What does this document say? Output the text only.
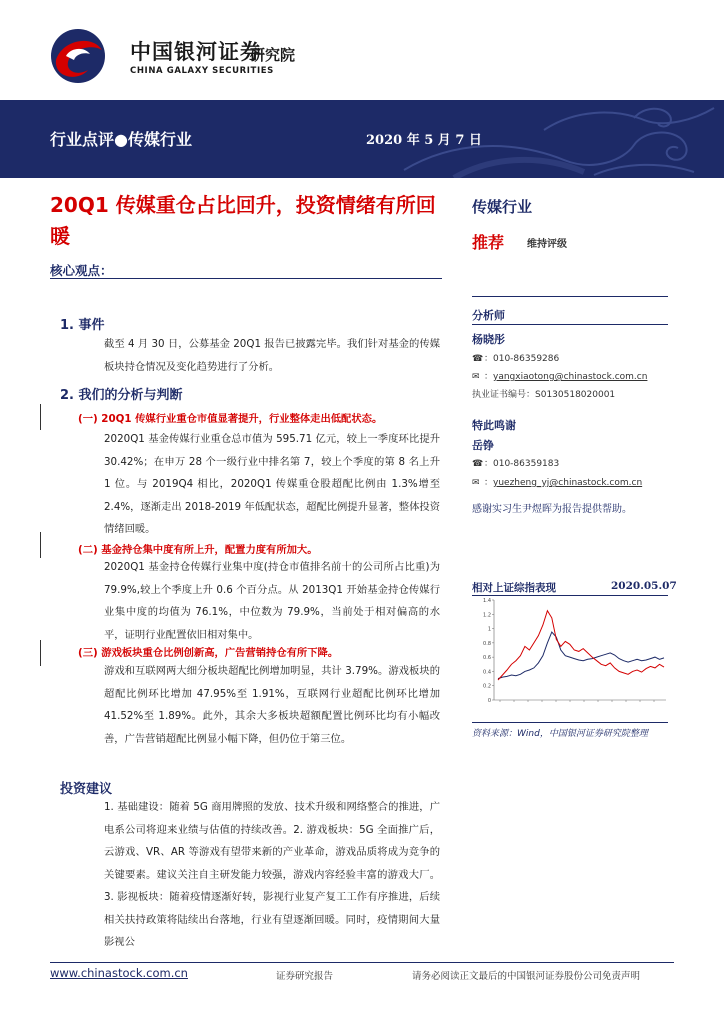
中国银河证券
CHINA GALAXY SECURITIES
研究院
行业点评●传媒行业	2020 年 5 月 7 日
20Q1 传媒重仓占比回升，投资情绪有所回暖
核心观点：
1. 事件
截至 4 月 30 日，公募基金 20Q1 报告已披露完毕。我们针对基金的传媒板块持仓情况及变化趋势进行了分析。
2. 我们的分析与判断
(一) 20Q1 传媒行业重仓市值显著提升，行业整体走出低配状态。
2020Q1 基金传媒行业重仓总市值为 595.71 亿元，较上一季度环比提升 30.42%；在申万 28 个一级行业中排名第 7，较上个季度的第 8 名上升 1 位。与 2019Q4 相比，2020Q1 传媒重仓股超配比例由 1.3%增至 2.4%，逐渐走出 2018-2019 年低配状态，超配比例提升显著，整体投资情绪回暖。
(二) 基金持仓集中度有所上升，配置力度有所加大。
2020Q1 基金持仓传媒行业集中度(持仓市值排名前十的公司所占比重)为 79.9%,较上个季度上升 0.6 个百分点。从 2013Q1 开始基金持仓传媒行业集中度的均值为 76.1%，中位数为 79.9%，当前处于相对偏高的水平，证明行业配置依旧相对集中。
(三) 游戏板块重仓比例创新高，广告营销持仓有所下降。
游戏和互联网两大细分板块超配比例增加明显，共计 3.79%。游戏板块的超配比例环比增加 47.95%至 1.91%，互联网行业超配比例环比增加 41.52%至 1.89%。此外，其余大多板块超额配置比例环比均有小幅改善，广告营销超配比例显小幅下降，但仍位于第三位。
投资建议
1. 基础建设：随着 5G 商用牌照的发放、技术升级和网络整合的推进，广电系公司将迎来业绩与估值的持续改善。2. 游戏板块：5G 全面推广后，云游戏、VR、AR 等游戏有望带来新的产业革命，游戏品质将成为竞争的关键要素。建议关注自主研发能力较强，游戏内容经验丰富的游戏大厂。3. 影视板块：随着疫情逐渐好转，影视行业复产复工工作有序推进，后续相关扶持政策将陆续出台落地，行业有望逐渐回暖。同时，疫情期间大量影视公
传媒行业
推荐 维持评级
分析师
杨晓彤
☎：010-86359286
✉ ：yangxiaotong@chinastock.com.cn
执业证书编号：S0130518020001
特此鸣谢
岳铮
☎：010-86359183
✉ ：yuezheng_yj@chinastock.com.cn
感谢实习生尹煜晖为报告提供帮助。
相对上证综指表现	2020.05.07
1.4
1.2
1
0.8
0.6
0.4
0.2
0
资料来源：Wind，中国银河证券研究院整理
www.chinastock.com.cn	证券研究报告	请务必阅读正文最后的中国银河证券股份公司免责声明
